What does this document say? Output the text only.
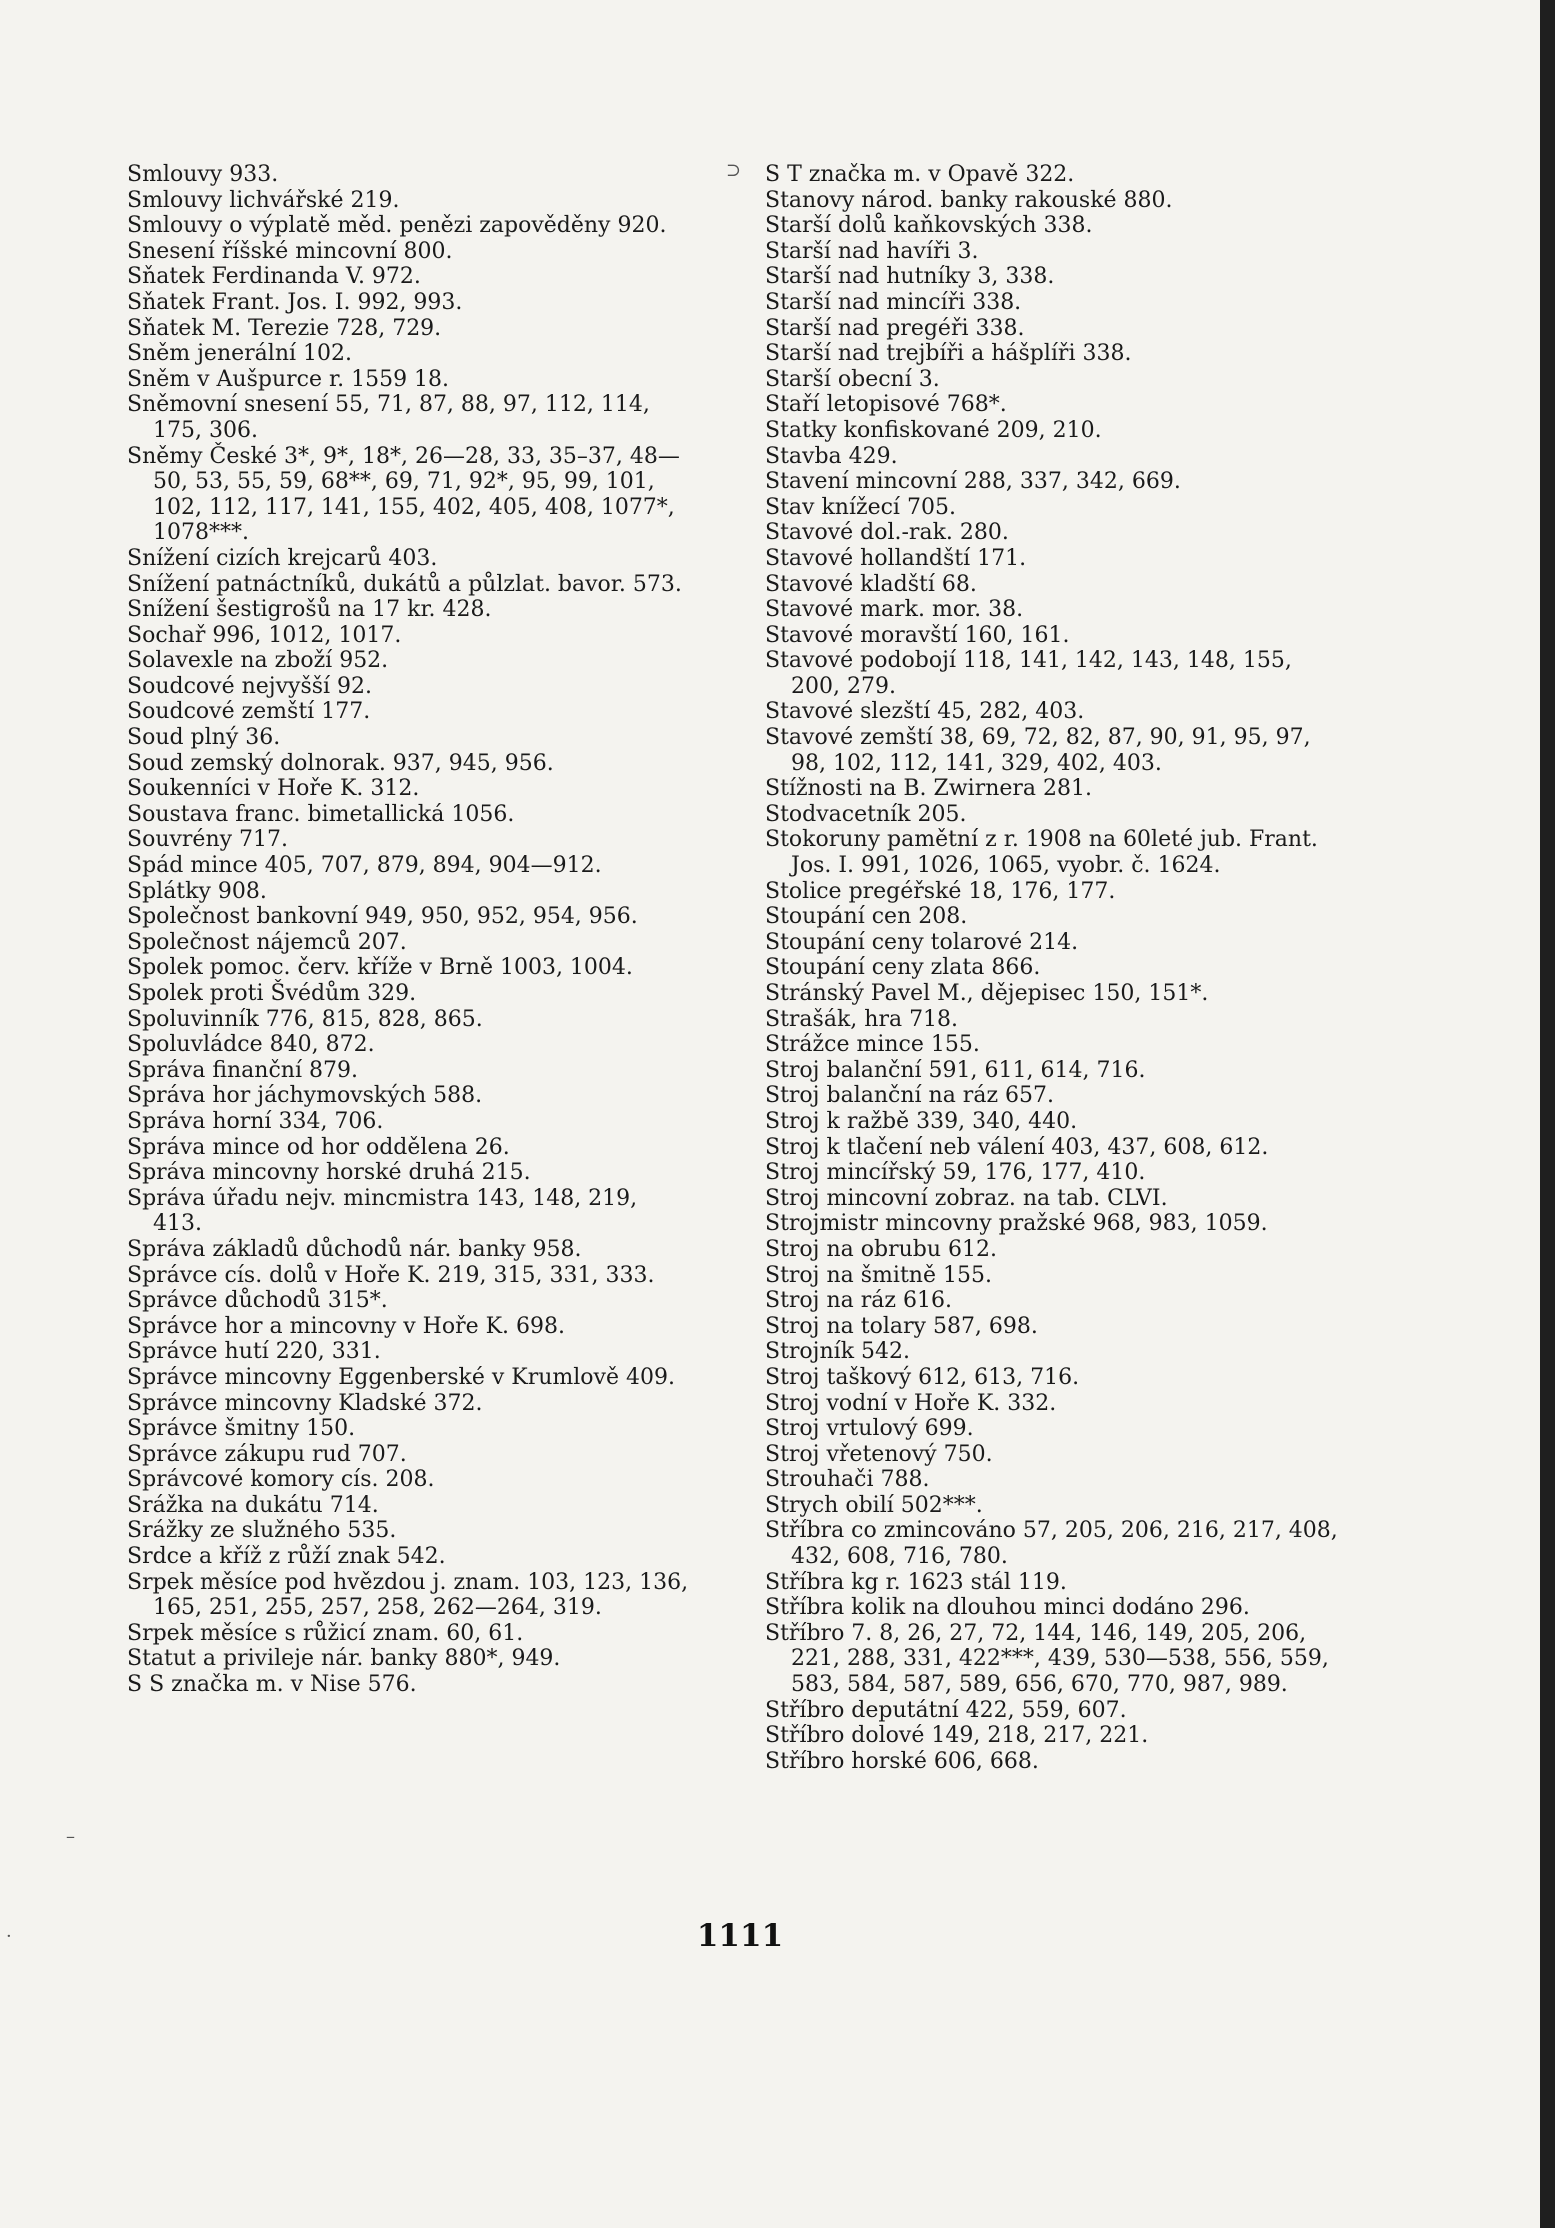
Smlouvy 933.

Smlouvy lichvářské 219.

Smlouvy o výplatě měd. penězi zapověděny 920.

Snesení říšské mincovní 800.

Sňatek Ferdinanda V. 972.

Sňatek Frant. Jos. I. 992, 993.

Sňatek M. Terezie 728, 729.

Sněm jenerální 102.

Sněm v Aušpurce r. 1559 18.

Sněmovní snesení 55, 71, 87, 88, 97, 112, 114, 175, 306.

Sněmy České 3*, 9*, 18*, 26—28, 33, 35–37, 48—50, 53, 55, 59, 68**, 69, 71, 92*, 95, 99, 101, 102, 112, 117, 141, 155, 402, 405, 408, 1077*, 1078***.

Snížení cizích krejcarů 403.

Snížení patnáctníků, dukátů a půlzlat. bavor. 573.

Snížení šestigrošů na 17 kr. 428.

Sochař 996, 1012, 1017.

Solavexle na zboží 952.

Soudcové nejvyšší 92.

Soudcové zemští 177.

Soud plný 36.

Soud zemský dolnorak. 937, 945, 956.

Soukenníci v Hoře K. 312.

Soustava franc. bimetallická 1056.

Souvrény 717.

Spád mince 405, 707, 879, 894, 904—912.

Splátky 908.

Společnost bankovní 949, 950, 952, 954, 956.

Společnost nájemců 207.

Spolek pomoc. červ. kříže v Brně 1003, 1004.

Spolek proti Švédům 329.

Spoluvinník 776, 815, 828, 865.

Spoluvládce 840, 872.

Správa finanční 879.

Správa hor jáchymovských 588.

Správa horní 334, 706.

Správa mince od hor oddělena 26.

Správa mincovny horské druhá 215.

Správa úřadu nejv. mincmistra 143, 148, 219, 413.

Správa základů důchodů nár. banky 958.

Správce cís. dolů v Hoře K. 219, 315, 331, 333.

Správce důchodů 315*.

Správce hor a mincovny v Hoře K. 698.

Správce hutí 220, 331.

Správce mincovny Eggenberské v Krumlově 409.

Správce mincovny Kladské 372.

Správce šmitny 150.

Správce zákupu rud 707.

Správcové komory cís. 208.

Srážka na dukátu 714.

Srážky ze služného 535.

Srdce a kříž z růží znak 542.

Srpek měsíce pod hvězdou j. znam. 103, 123, 136, 165, 251, 255, 257, 258, 262—264, 319.

Srpek měsíce s růžicí znam. 60, 61.

Statut a privileje nár. banky 880*, 949.

S S značka m. v Nise 576.

S T značka m. v Opavě 322.

Stanovy národ. banky rakouské 880.

Starší dolů kaňkovských 338.

Starší nad havíři 3.

Starší nad hutníky 3, 338.

Starší nad mincíři 338.

Starší nad pregéři 338.

Starší nad trejbíři a hášplíři 338.

Starší obecní 3.

Staří letopisové 768*.

Statky konfiskované 209, 210.

Stavba 429.

Stavení mincovní 288, 337, 342, 669.

Stav knížecí 705.

Stavové dol.-rak. 280.

Stavové hollandští 171.

Stavové kladští 68.

Stavové mark. mor. 38.

Stavové moravští 160, 161.

Stavové podobojí 118, 141, 142, 143, 148, 155, 200, 279.

Stavové slezští 45, 282, 403.

Stavové zemští 38, 69, 72, 82, 87, 90, 91, 95, 97, 98, 102, 112, 141, 329, 402, 403.

Stížnosti na B. Zwirnera 281.

Stodvacetník 205.

Stokoruny pamětní z r. 1908 na 60leté jub. Frant. Jos. I. 991, 1026, 1065, vyobr. č. 1624.

Stolice pregéřské 18, 176, 177.

Stoupání cen 208.

Stoupání ceny tolarové 214.

Stoupání ceny zlata 866.

Stránský Pavel M., dějepisec 150, 151*.

Strašák, hra 718.

Strážce mince 155.

Stroj balanční 591, 611, 614, 716.

Stroj balanční na ráz 657.

Stroj k ražbě 339, 340, 440.

Stroj k tlačení neb válení 403, 437, 608, 612.

Stroj mincířský 59, 176, 177, 410.

Stroj mincovní zobraz. na tab. CLVI.

Strojmistr mincovny pražské 968, 983, 1059.

Stroj na obrubu 612.

Stroj na šmitně 155.

Stroj na ráz 616.

Stroj na tolary 587, 698.

Strojník 542.

Stroj taškový 612, 613, 716.

Stroj vodní v Hoře K. 332.

Stroj vrtulový 699.

Stroj vřetenový 750.

Strouhači 788.

Strych obilí 502***.

Stříbra co zmincováno 57, 205, 206, 216, 217, 408, 432, 608, 716, 780.

Stříbra kg r. 1623 stál 119.

Stříbra kolik na dlouhou minci dodáno 296.

Stříbro 7. 8, 26, 27, 72, 144, 146, 149, 205, 206, 221, 288, 331, 422***, 439, 530—538, 556, 559, 583, 584, 587, 589, 656, 670, 770, 987, 989.

Stříbro deputátní 422, 559, 607.

Stříbro dolové 149, 218, 217, 221.

Stříbro horské 606, 668.

⊃
–
·	1111
